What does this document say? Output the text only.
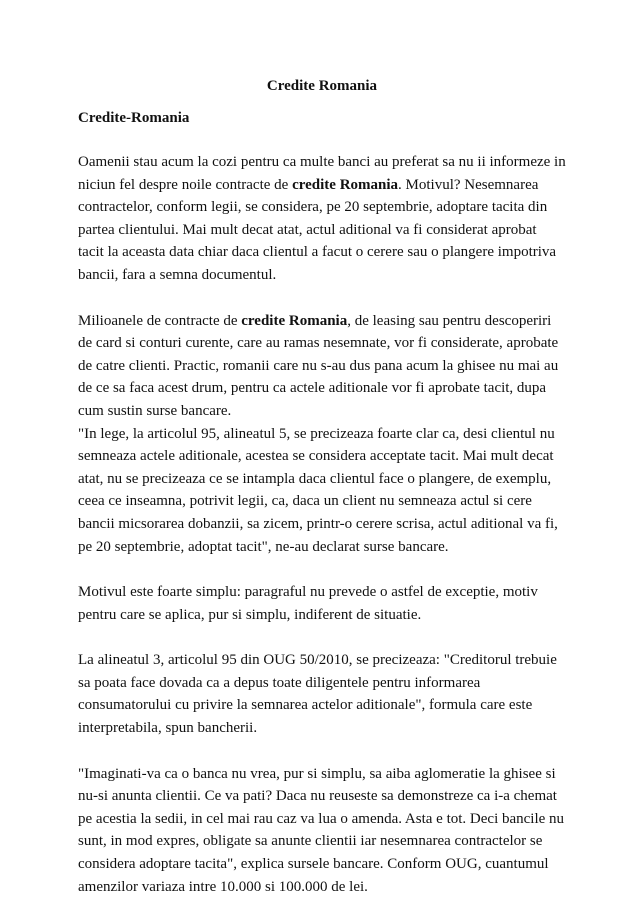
Credite Romania
Credite-Romania

Oamenii stau acum la cozi pentru ca multe banci au preferat sa nu ii informeze in niciun fel despre noile contracte de credite Romania. Motivul? Nesemnarea contractelor, conform legii, se considera, pe 20 septembrie, adoptare tacita din partea clientului. Mai mult decat atat, actul aditional va fi considerat aprobat tacit la aceasta data chiar daca clientul a facut o cerere sau o plangere impotriva bancii, fara a semna documentul.

Milioanele de contracte de credite Romania, de leasing sau pentru descoperiri de card si conturi curente, care au ramas nesemnate, vor fi considerate, aprobate de catre clienti. Practic, romanii care nu s-au dus pana acum la ghisee nu mai au de ce sa faca acest drum, pentru ca actele aditionale vor fi aprobate tacit, dupa cum sustin surse bancare.

"In lege, la articolul 95, alineatul 5, se precizeaza foarte clar ca, desi clientul nu semneaza actele aditionale, acestea se considera acceptate tacit. Mai mult decat atat, nu se precizeaza ce se intampla daca clientul face o plangere, de exemplu, ceea ce inseamna, potrivit legii, ca, daca un client nu semneaza actul si cere bancii micsorarea dobanzii, sa zicem, printr-o cerere scrisa, actul aditional va fi, pe 20 septembrie, adoptat tacit", ne-au declarat surse bancare.

Motivul este foarte simplu: paragraful nu prevede o astfel de exceptie, motiv pentru care se aplica, pur si simplu, indiferent de situatie.

La alineatul 3, articolul 95 din OUG 50/2010, se precizeaza: "Creditorul trebuie sa poata face dovada ca a depus toate diligentele pentru informarea consumatorului cu privire la semnarea actelor aditionale", formula care este interpretabila, spun bancherii.

"Imaginati-va ca o banca nu vrea, pur si simplu, sa aiba aglomeratie la ghisee si nu-si anunta clientii. Ce va pati? Daca nu reuseste sa demonstreze ca i-a chemat pe acestia la sedii, in cel mai rau caz va lua o amenda. Asta e tot. Deci bancile nu sunt, in mod expres, obligate sa anunte clientii iar nesemnarea contractelor se considera adoptare tacita", explica sursele bancare. Conform OUG, cuantumul amenzilor variaza intre 10.000 si 100.000 de lei.
